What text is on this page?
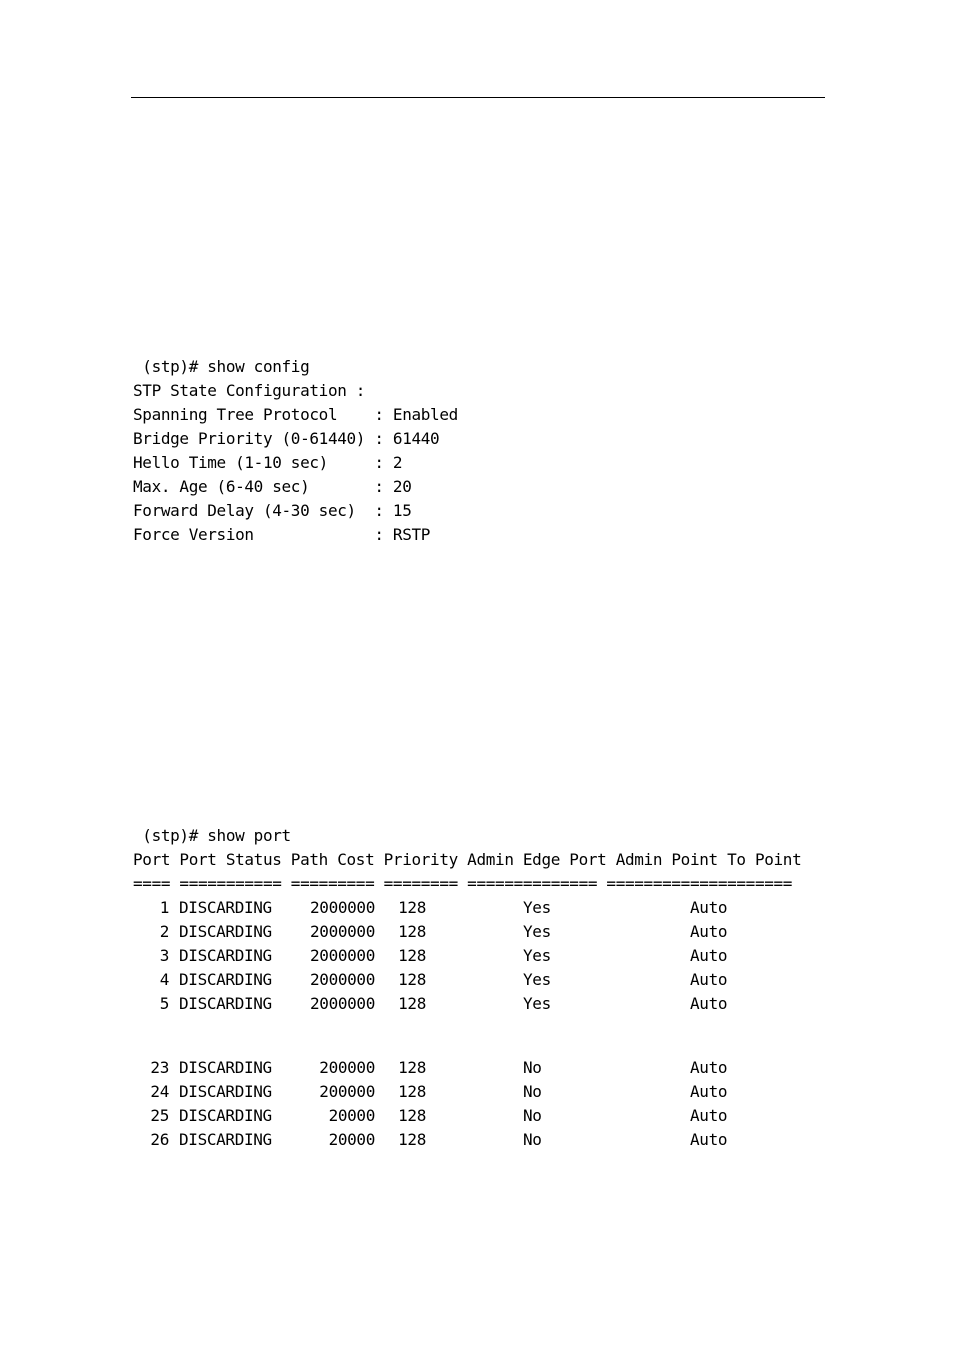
(stp)# show config
STP State Configuration :
Spanning Tree Protocol    : Enabled
Bridge Priority (0-61440) : 61440
Hello Time (1-10 sec)     : 2
Max. Age (6-40 sec)       : 20
Forward Delay (4-30 sec)  : 15
Force Version             : RSTP
(stp)# show port
Port Port Status Path Cost Priority Admin Edge Port Admin Point To Point
==== =========== ========= ======== ============== ====================
1 DISCARDING 2000000 128	Yes	Auto
2 DISCARDING 2000000 128	Yes	Auto
3 DISCARDING 2000000 128	Yes	Auto
4 DISCARDING 2000000 128	Yes	Auto
5 DISCARDING 2000000 128	Yes	Auto
23 DISCARDING	200000 128	No	Auto
24 DISCARDING	200000 128	No	Auto
25 DISCARDING	20000 128	No	Auto
26 DISCARDING	20000 128	No	Auto
